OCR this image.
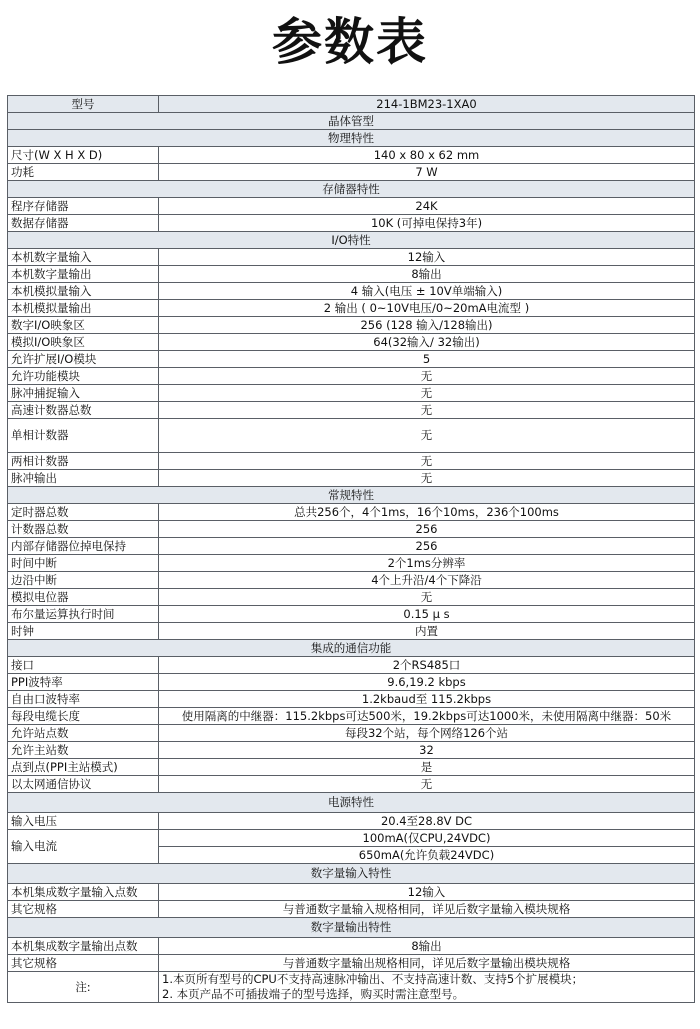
参数表
型号	214-1BM23-1XA0
晶体管型	
物理特性	
尺寸(W X H X D)	140 x 80 x 62 mm
功耗	7 W
存储器特性	
程序存储器	24K
数据存储器	10K (可掉电保持3年)
I/O特性	
本机数字量输入	12输入
本机数字量输出	8输出
本机模拟量输入	4 输入(电压 ± 10V单端输入)
本机模拟量输出	2 输出 ( 0~10V电压/0~20mA电流型 )
数字I/O映象区	256 (128 输入/128输出)
模拟I/O映象区	64(32输入/ 32输出)
允许扩展I/O模块	5
允许功能模块	无
脉冲捕捉输入	无
高速计数器总数	无
单相计数器	无
两相计数器	无
脉冲输出	无
常规特性	
定时器总数	总共256个，4个1ms，16个10ms，236个100ms
计数器总数	256
内部存储器位掉电保持	256
时间中断	2个1ms分辨率
边沿中断	4个上升沿/4个下降沿
模拟电位器	无
布尔量运算执行时间	0.15 μ s
时钟	内置
集成的通信功能	
接口	2个RS485口
PPI波特率	9.6,19.2 kbps
自由口波特率	1.2kbaud至 115.2kbps
每段电缆长度	使用隔离的中继器：115.2kbps可达500米，19.2kbps可达1000米，未使用隔离中继器：50米
允许站点数	每段32个站，每个网络126个站
允许主站数	32
点到点(PPI主站模式)	是
以太网通信协议	无
电源特性	
输入电压	20.4至28.8V DC
输入电流	100mA(仅CPU,24VDC)
	650mA(允许负载24VDC)
数字量输入特性	
本机集成数字量输入点数	12输入
其它规格	与普通数字量输入规格相同，详见后数字量输入模块规格
数字量输出特性	
本机集成数字量输出点数	8输出
其它规格	与普通数字量输出规格相同，详见后数字量输出模块规格
注:	1.本页所有型号的CPU不支持高速脉冲输出、不支持高速计数、支持5个扩展模块；
2. 本页产品不可插拔端子的型号选择，购买时需注意型号。
